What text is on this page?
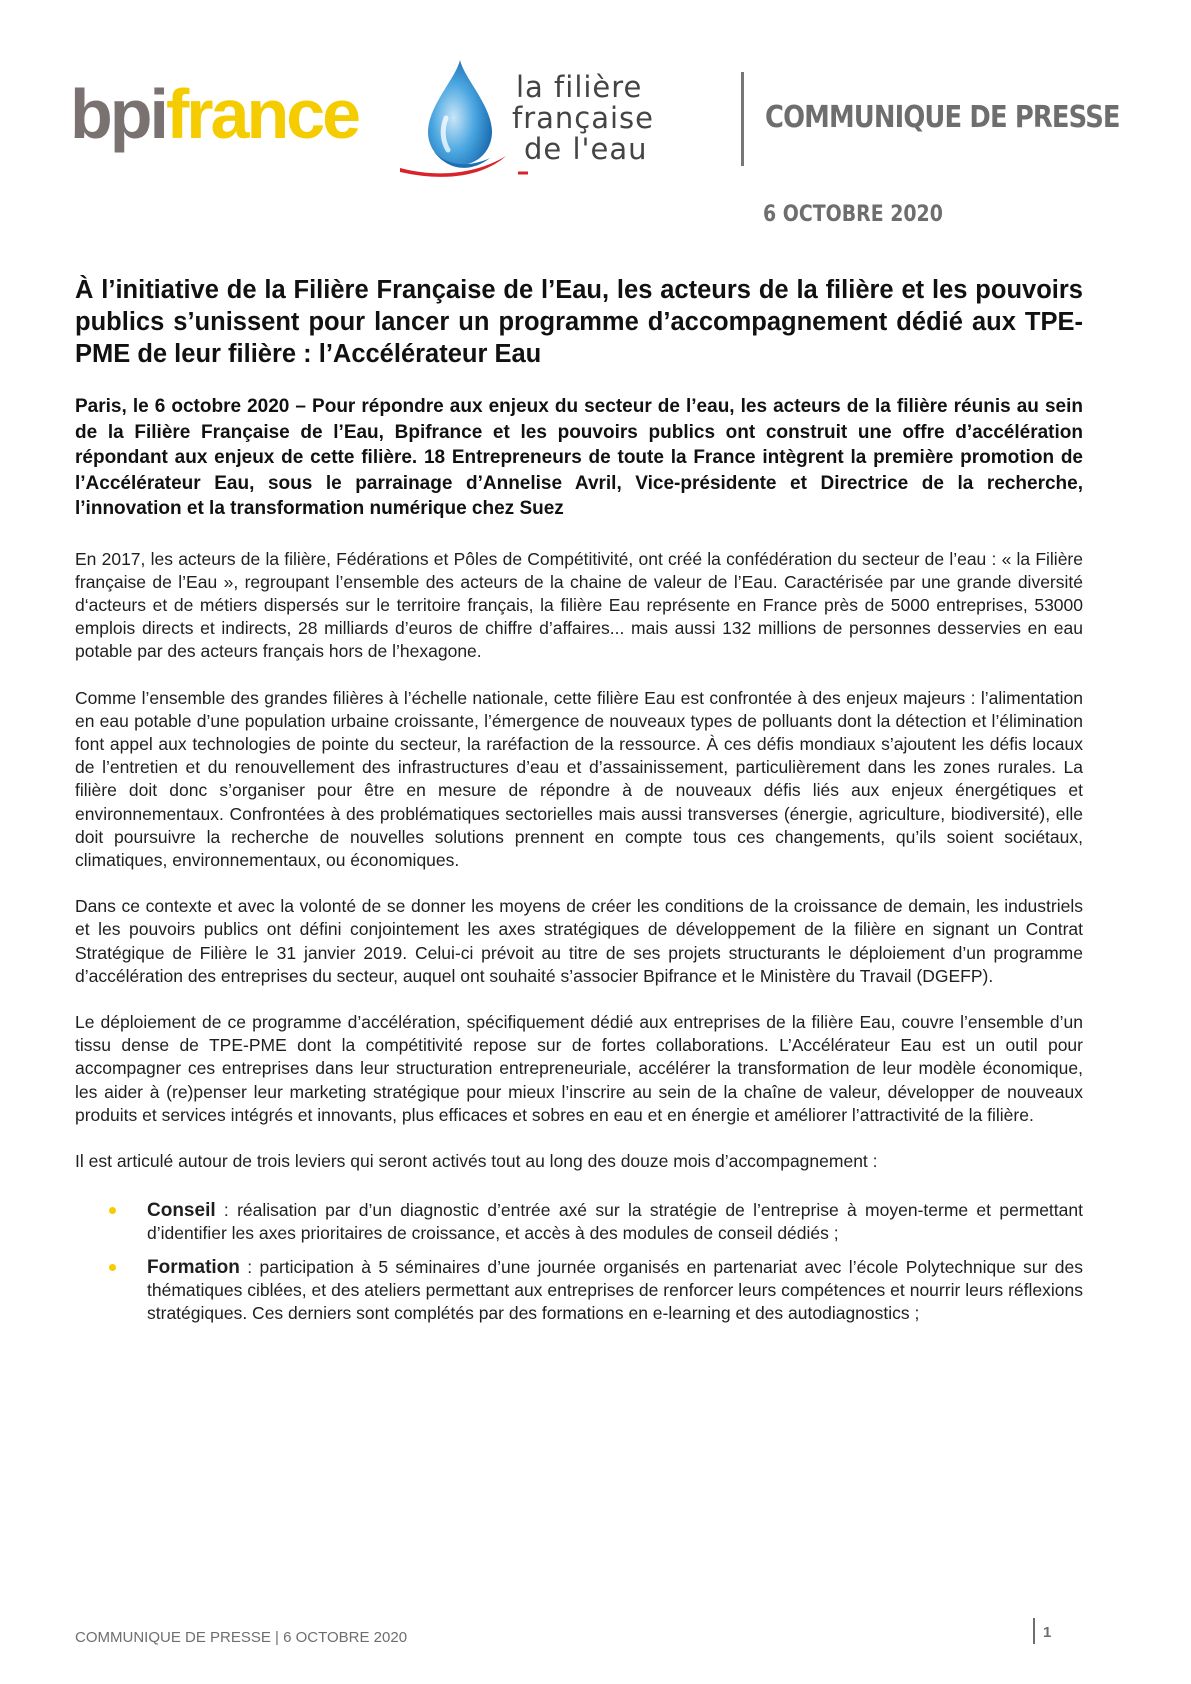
bpifrance	la filière
française
de l'eau
COMMUNIQUE DE PRESSE
6 OCTOBRE 2020
À l’initiative de la Filière Française de l’Eau, les acteurs de la filière et les pouvoirs publics s’unissent pour lancer un programme d’accompagnement dédié aux TPE-PME de leur filière : l’Accélérateur Eau

Paris, le 6 octobre 2020 – Pour répondre aux enjeux du secteur de l’eau, les acteurs de la filière réunis au sein de la Filière Française de l’Eau, Bpifrance et les pouvoirs publics ont construit une offre d’accélération répondant aux enjeux de cette filière. 18 Entrepreneurs de toute la France intègrent la première promotion de l’Accélérateur Eau, sous le parrainage d’Annelise Avril, Vice-présidente et Directrice de la recherche, l’innovation et la transformation numérique chez Suez

En 2017, les acteurs de la filière, Fédérations et Pôles de Compétitivité, ont créé la confédération du secteur de l’eau : « la Filière française de l’Eau », regroupant l’ensemble des acteurs de la chaine de valeur de l’Eau. Caractérisée par une grande diversité d‘acteurs et de métiers dispersés sur le territoire français, la filière Eau représente en France près de 5000 entreprises, 53000 emplois directs et indirects, 28 milliards d’euros de chiffre d’affaires... mais aussi 132 millions de personnes desservies en eau potable par des acteurs français hors de l’hexagone.

Comme l’ensemble des grandes filières à l’échelle nationale, cette filière Eau est confrontée à des enjeux majeurs : l’alimentation en eau potable d’une population urbaine croissante, l’émergence de nouveaux types de polluants dont la détection et l’élimination font appel aux technologies de pointe du secteur, la raréfaction de la ressource. À ces défis mondiaux s’ajoutent les défis locaux de l’entretien et du renouvellement des infrastructures d’eau et d’assainissement, particulièrement dans les zones rurales. La filière doit donc s’organiser pour être en mesure de répondre à de nouveaux défis liés aux enjeux énergétiques et environnementaux. Confrontées à des problématiques sectorielles mais aussi transverses (énergie, agriculture, biodiversité), elle doit poursuivre la recherche de nouvelles solutions prennent en compte tous ces changements, qu’ils soient sociétaux, climatiques, environnementaux, ou économiques.

Dans ce contexte et avec la volonté de se donner les moyens de créer les conditions de la croissance de demain, les industriels et les pouvoirs publics ont défini conjointement les axes stratégiques de développement de la filière en signant un Contrat Stratégique de Filière le 31 janvier 2019. Celui-ci prévoit au titre de ses projets structurants le déploiement d’un programme d’accélération des entreprises du secteur, auquel ont souhaité s’associer Bpifrance et le Ministère du Travail (DGEFP).

Le déploiement de ce programme d’accélération, spécifiquement dédié aux entreprises de la filière Eau, couvre l’ensemble d’un tissu dense de TPE-PME dont la compétitivité repose sur de fortes collaborations. L’Accélérateur Eau est un outil pour accompagner ces entreprises dans leur structuration entrepreneuriale, accélérer la transformation de leur modèle économique, les aider à (re)penser leur marketing stratégique pour mieux l’inscrire au sein de la chaîne de valeur, développer de nouveaux produits et services intégrés et innovants, plus efficaces et sobres en eau et en énergie et améliorer l’attractivité de la filière.

Il est articulé autour de trois leviers qui seront activés tout au long des douze mois d’accompagnement :

Conseil : réalisation par d’un diagnostic d’entrée axé sur la stratégie de l’entreprise à moyen-terme et permettant d’identifier les axes prioritaires de croissance, et accès à des modules de conseil dédiés ;
Formation : participation à 5 séminaires d’une journée organisés en partenariat avec l’école Polytechnique sur des thématiques ciblées, et des ateliers permettant aux entreprises de renforcer leurs compétences et nourrir leurs réflexions stratégiques. Ces derniers sont complétés par des formations en e-learning et des autodiagnostics ;
COMMUNIQUE DE PRESSE | 6 OCTOBRE 2020	1
